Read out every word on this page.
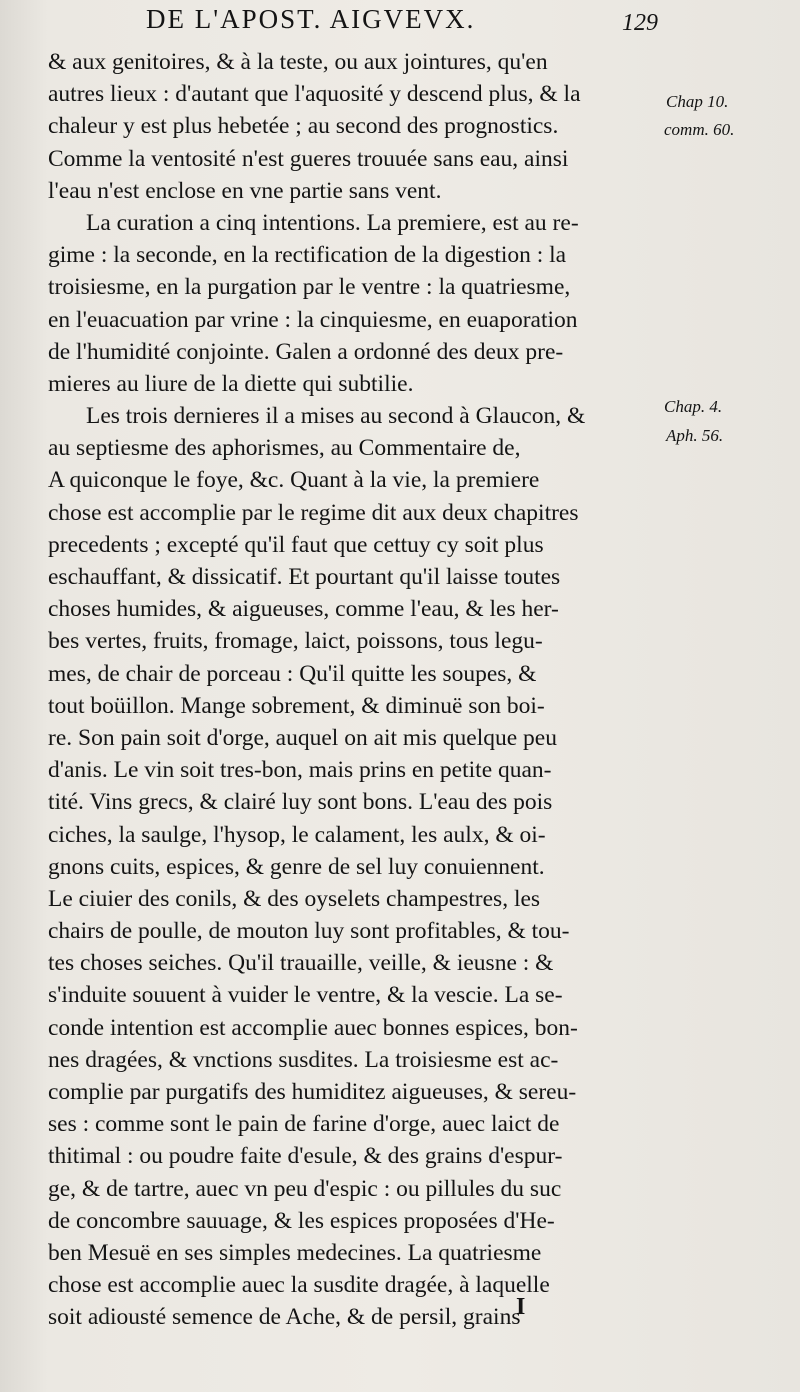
DE L'APOST. AIGVEVX.	129
& aux genitoires, & à la teste, ou aux jointures, qu'en
autres lieux : d'autant que l'aquosité y descend plus, & la
chaleur y est plus hebetée ; au second des prognostics.
Comme la ventosité n'est gueres trouuée sans eau, ainsi
l'eau n'est enclose en vne partie sans vent.
La curation a cinq intentions. La premiere, est au re-
gime : la seconde, en la rectification de la digestion : la
troisiesme, en la purgation par le ventre : la quatriesme,
en l'euacuation par vrine : la cinquiesme, en euaporation
de l'humidité conjointe. Galen a ordonné des deux pre-
mieres au liure de la diette qui subtilie.
Les trois dernieres il a mises au second à Glaucon, &
au septiesme des aphorismes, au Commentaire de,
A quiconque le foye, &c. Quant à la vie, la premiere
chose est accomplie par le regime dit aux deux chapitres
precedents ; excepté qu'il faut que cettuy cy soit plus
eschauffant, & dissicatif. Et pourtant qu'il laisse toutes
choses humides, & aigueuses, comme l'eau, & les her-
bes vertes, fruits, fromage, laict, poissons, tous legu-
mes, de chair de porceau : Qu'il quitte les soupes, &
tout boüillon. Mange sobrement, & diminuë son boi-
re. Son pain soit d'orge, auquel on ait mis quelque peu
d'anis. Le vin soit tres-bon, mais prins en petite quan-
tité. Vins grecs, & clairé luy sont bons. L'eau des pois
ciches, la saulge, l'hysop, le calament, les aulx, & oi-
gnons cuits, espices, & genre de sel luy conuiennent.
Le ciuier des conils, & des oyselets champestres, les
chairs de poulle, de mouton luy sont profitables, & tou-
tes choses seiches. Qu'il trauaille, veille, & ieusne : &
s'induite souuent à vuider le ventre, & la vescie. La se-
conde intention est accomplie auec bonnes espices, bon-
nes dragées, & vnctions susdites. La troisiesme est ac-
complie par purgatifs des humiditez aigueuses, & sereu-
ses : comme sont le pain de farine d'orge, auec laict de
thitimal : ou poudre faite d'esule, & des grains d'espur-
ge, & de tartre, auec vn peu d'espic : ou pillules du suc
de concombre sauuage, & les espices proposées d'He-
ben Mesuë en ses simples medecines. La quatriesme
chose est accomplie auec la susdite dragée, à laquelle
soit adiousté semence de Ache, & de persil, grains
Chap 10.
comm. 60.
Chap. 4.
Aph. 56.
I
